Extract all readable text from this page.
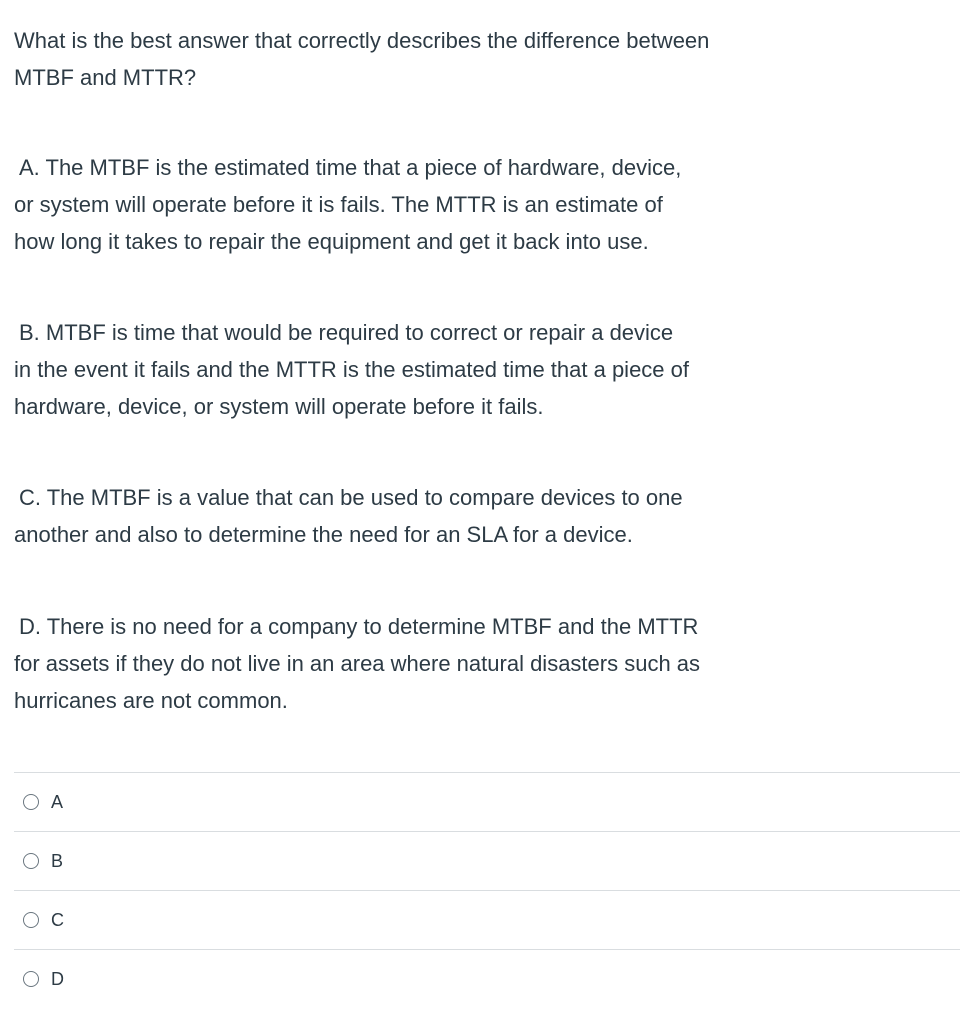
What is the best answer that correctly describes the difference between
MTBF and MTTR?
A. The MTBF is the estimated time that a piece of hardware, device,
or system will operate before it is fails. The MTTR is an estimate of
how long it takes to repair the equipment and get it back into use.
B. MTBF is time that would be required to correct or repair a device
in the event it fails and the MTTR is the estimated time that a piece of
hardware, device, or system will operate before it fails.
C. The MTBF is a value that can be used to compare devices to one
another and also to determine the need for an SLA for a device.
D. There is no need for a company to determine MTBF and the MTTR
for assets if they do not live in an area where natural disasters such as
hurricanes are not common.
A
B
C
D
